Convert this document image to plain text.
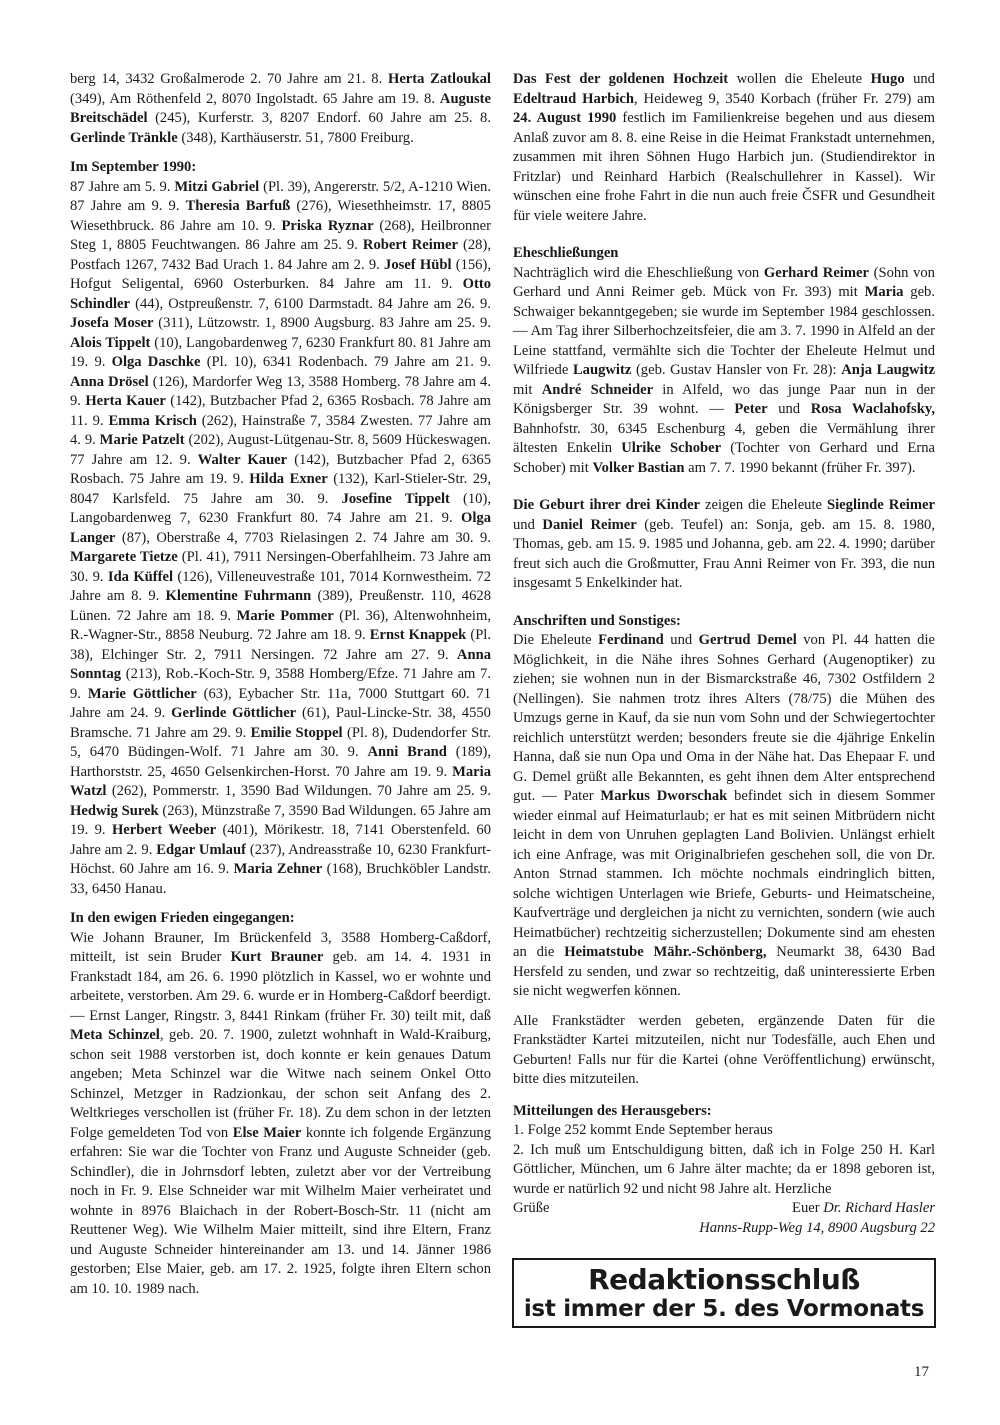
berg 14, 3432 Großalmerode 2. 70 Jahre am 21. 8. Herta Zatloukal (349), Am Röthenfeld 2, 8070 Ingolstadt. 65 Jahre am 19. 8. Auguste Breitschädel (245), Kurferstr. 3, 8207 Endorf. 60 Jahre am 25. 8. Gerlinde Tränkle (348), Karthäuserstr. 51, 7800 Freiburg.

Im September 1990:

87 Jahre am 5. 9. Mitzi Gabriel (Pl. 39), Angererstr. 5/2, A-1210 Wien. 87 Jahre am 9. 9. Theresia Barfuß (276), Wiesethheimstr. 17, 8805 Wiesethbruck. 86 Jahre am 10. 9. Priska Ryznar (268), Heilbronner Steg 1, 8805 Feuchtwangen. 86 Jahre am 25. 9. Robert Reimer (28), Postfach 1267, 7432 Bad Urach 1. 84 Jahre am 2. 9. Josef Hübl (156), Hofgut Seligental, 6960 Osterburken. 84 Jahre am 11. 9. Otto Schindler (44), Ostpreußenstr. 7, 6100 Darmstadt. 84 Jahre am 26. 9. Josefa Moser (311), Lützowstr. 1, 8900 Augsburg. 83 Jahre am 25. 9. Alois Tippelt (10), Langobardenweg 7, 6230 Frankfurt 80. 81 Jahre am 19. 9. Olga Daschke (Pl. 10), 6341 Rodenbach. 79 Jahre am 21. 9. Anna Drösel (126), Mardorfer Weg 13, 3588 Homberg. 78 Jahre am 4. 9. Herta Kauer (142), Butzbacher Pfad 2, 6365 Rosbach. 78 Jahre am 11. 9. Emma Krisch (262), Hainstraße 7, 3584 Zwesten. 77 Jahre am 4. 9. Marie Patzelt (202), August-Lütgenau-Str. 8, 5609 Hückeswagen. 77 Jahre am 12. 9. Walter Kauer (142), Butzbacher Pfad 2, 6365 Rosbach. 75 Jahre am 19. 9. Hilda Exner (132), Karl-Stieler-Str. 29, 8047 Karlsfeld. 75 Jahre am 30. 9. Josefine Tippelt (10), Langobardenweg 7, 6230 Frankfurt 80. 74 Jahre am 21. 9. Olga Langer (87), Oberstraße 4, 7703 Rielasingen 2. 74 Jahre am 30. 9. Margarete Tietze (Pl. 41), 7911 Nersingen-Oberfahlheim. 73 Jahre am 30. 9. Ida Küffel (126), Villeneuvestraße 101, 7014 Kornwestheim. 72 Jahre am 8. 9. Klementine Fuhrmann (389), Preußenstr. 110, 4628 Lünen. 72 Jahre am 18. 9. Marie Pommer (Pl. 36), Altenwohnheim, R.-Wagner-Str., 8858 Neuburg. 72 Jahre am 18. 9. Ernst Knappek (Pl. 38), Elchinger Str. 2, 7911 Nersingen. 72 Jahre am 27. 9. Anna Sonntag (213), Rob.-Koch-Str. 9, 3588 Homberg/Efze. 71 Jahre am 7. 9. Marie Göttlicher (63), Eybacher Str. 11a, 7000 Stuttgart 60. 71 Jahre am 24. 9. Gerlinde Göttlicher (61), Paul-Lincke-Str. 38, 4550 Bramsche. 71 Jahre am 29. 9. Emilie Stoppel (Pl. 8), Dudendorfer Str. 5, 6470 Büdingen-Wolf. 71 Jahre am 30. 9. Anni Brand (189), Harthorststr. 25, 4650 Gelsenkirchen-Horst. 70 Jahre am 19. 9. Maria Watzl (262), Pommerstr. 1, 3590 Bad Wildungen. 70 Jahre am 25. 9. Hedwig Surek (263), Münzstraße 7, 3590 Bad Wildungen. 65 Jahre am 19. 9. Herbert Weeber (401), Mörikestr. 18, 7141 Oberstenfeld. 60 Jahre am 2. 9. Edgar Umlauf (237), Andreasstraße 10, 6230 Frankfurt-Höchst. 60 Jahre am 16. 9. Maria Zehner (168), Bruchköbler Landstr. 33, 6450 Hanau.

In den ewigen Frieden eingegangen:

Wie Johann Brauner, Im Brückenfeld 3, 3588 Homberg-Caßdorf, mitteilt, ist sein Bruder Kurt Brauner geb. am 14. 4. 1931 in Frankstadt 184, am 26. 6. 1990 plötzlich in Kassel, wo er wohnte und arbeitete, verstorben. Am 29. 6. wurde er in Homberg-Caßdorf beerdigt. — Ernst Langer, Ringstr. 3, 8441 Rinkam (früher Fr. 30) teilt mit, daß Meta Schinzel, geb. 20. 7. 1900, zuletzt wohnhaft in Wald-Kraiburg, schon seit 1988 verstorben ist, doch konnte er kein genaues Datum angeben; Meta Schinzel war die Witwe nach seinem Onkel Otto Schinzel, Metzger in Radzionkau, der schon seit Anfang des 2. Weltkrieges verschollen ist (früher Fr. 18). Zu dem schon in der letzten Folge gemeldeten Tod von Else Maier konnte ich folgende Ergänzung erfahren: Sie war die Tochter von Franz und Auguste Schneider (geb. Schindler), die in Johrnsdorf lebten, zuletzt aber vor der Vertreibung noch in Fr. 9. Else Schneider war mit Wilhelm Maier verheiratet und wohnte in 8976 Blaichach in der Robert-Bosch-Str. 11 (nicht am Reuttener Weg). Wie Wilhelm Maier mitteilt, sind ihre Eltern, Franz und Auguste Schneider hintereinander am 13. und 14. Jänner 1986 gestorben; Else Maier, geb. am 17. 2. 1925, folgte ihren Eltern schon am 10. 10. 1989 nach.

Das Fest der goldenen Hochzeit wollen die Eheleute Hugo und Edeltraud Harbich, Heideweg 9, 3540 Korbach (früher Fr. 279) am 24. August 1990 festlich im Familienkreise begehen und aus diesem Anlaß zuvor am 8. 8. eine Reise in die Heimat Frankstadt unternehmen, zusammen mit ihren Söhnen Hugo Harbich jun. (Studiendirektor in Fritzlar) und Reinhard Harbich (Realschullehrer in Kassel). Wir wünschen eine frohe Fahrt in die nun auch freie ČSFR und Gesundheit für viele weitere Jahre.

Eheschließungen

Nachträglich wird die Eheschließung von Gerhard Reimer (Sohn von Gerhard und Anni Reimer geb. Mück von Fr. 393) mit Maria geb. Schwaiger bekanntgegeben; sie wurde im September 1984 geschlossen. — Am Tag ihrer Silberhochzeitsfeier, die am 3. 7. 1990 in Alfeld an der Leine stattfand, vermählte sich die Tochter der Eheleute Helmut und Wilfriede Laugwitz (geb. Gustav Hansler von Fr. 28): Anja Laugwitz mit André Schneider in Alfeld, wo das junge Paar nun in der Königsberger Str. 39 wohnt. — Peter und Rosa Waclahofsky, Bahnhofstr. 30, 6345 Eschenburg 4, geben die Vermählung ihrer ältesten Enkelin Ulrike Schober (Tochter von Gerhard und Erna Schober) mit Volker Bastian am 7. 7. 1990 bekannt (früher Fr. 397).

Die Geburt ihrer drei Kinder zeigen die Eheleute Sieglinde Reimer und Daniel Reimer (geb. Teufel) an: Sonja, geb. am 15. 8. 1980, Thomas, geb. am 15. 9. 1985 und Johanna, geb. am 22. 4. 1990; darüber freut sich auch die Großmutter, Frau Anni Reimer von Fr. 393, die nun insgesamt 5 Enkelkinder hat.

Anschriften und Sonstiges:

Die Eheleute Ferdinand und Gertrud Demel von Pl. 44 hatten die Möglichkeit, in die Nähe ihres Sohnes Gerhard (Augenoptiker) zu ziehen; sie wohnen nun in der Bismarckstraße 46, 7302 Ostfildern 2 (Nellingen). Sie nahmen trotz ihres Alters (78/75) die Mühen des Umzugs gerne in Kauf, da sie nun vom Sohn und der Schwiegertochter reichlich unterstützt werden; besonders freute sie die 4jährige Enkelin Hanna, daß sie nun Opa und Oma in der Nähe hat. Das Ehepaar F. und G. Demel grüßt alle Bekannten, es geht ihnen dem Alter entsprechend gut. — Pater Markus Dworschak befindet sich in diesem Sommer wieder einmal auf Heimaturlaub; er hat es mit seinen Mitbrüdern nicht leicht in dem von Unruhen geplagten Land Bolivien. Unlängst erhielt ich eine Anfrage, was mit Originalbriefen geschehen soll, die von Dr. Anton Strnad stammen. Ich möchte nochmals eindringlich bitten, solche wichtigen Unterlagen wie Briefe, Geburts- und Heimatscheine, Kaufverträge und dergleichen ja nicht zu vernichten, sondern (wie auch Heimatbücher) rechtzeitig sicherzustellen; Dokumente sind am ehesten an die Heimatstube Mähr.-Schönberg, Neumarkt 38, 6430 Bad Hersfeld zu senden, und zwar so rechtzeitig, daß uninteressierte Erben sie nicht wegwerfen können.

Alle Frankstädter werden gebeten, ergänzende Daten für die Frankstädter Kartei mitzuteilen, nicht nur Todesfälle, auch Ehen und Geburten! Falls nur für die Kartei (ohne Veröffentlichung) erwünscht, bitte dies mitzuteilen.

Mitteilungen des Herausgebers:

1. Folge 252 kommt Ende September heraus

2. Ich muß um Entschuldigung bitten, daß ich in Folge 250 H. Karl Göttlicher, München, um 6 Jahre älter machte; da er 1898 geboren ist, wurde er natürlich 92 und nicht 98 Jahre alt. Herzliche

Grüße	Euer Dr. Richard Hasler

Hanns-Rupp-Weg 14, 8900 Augsburg 22

Redaktionsschluß
ist immer der 5. des Vormonats
17
